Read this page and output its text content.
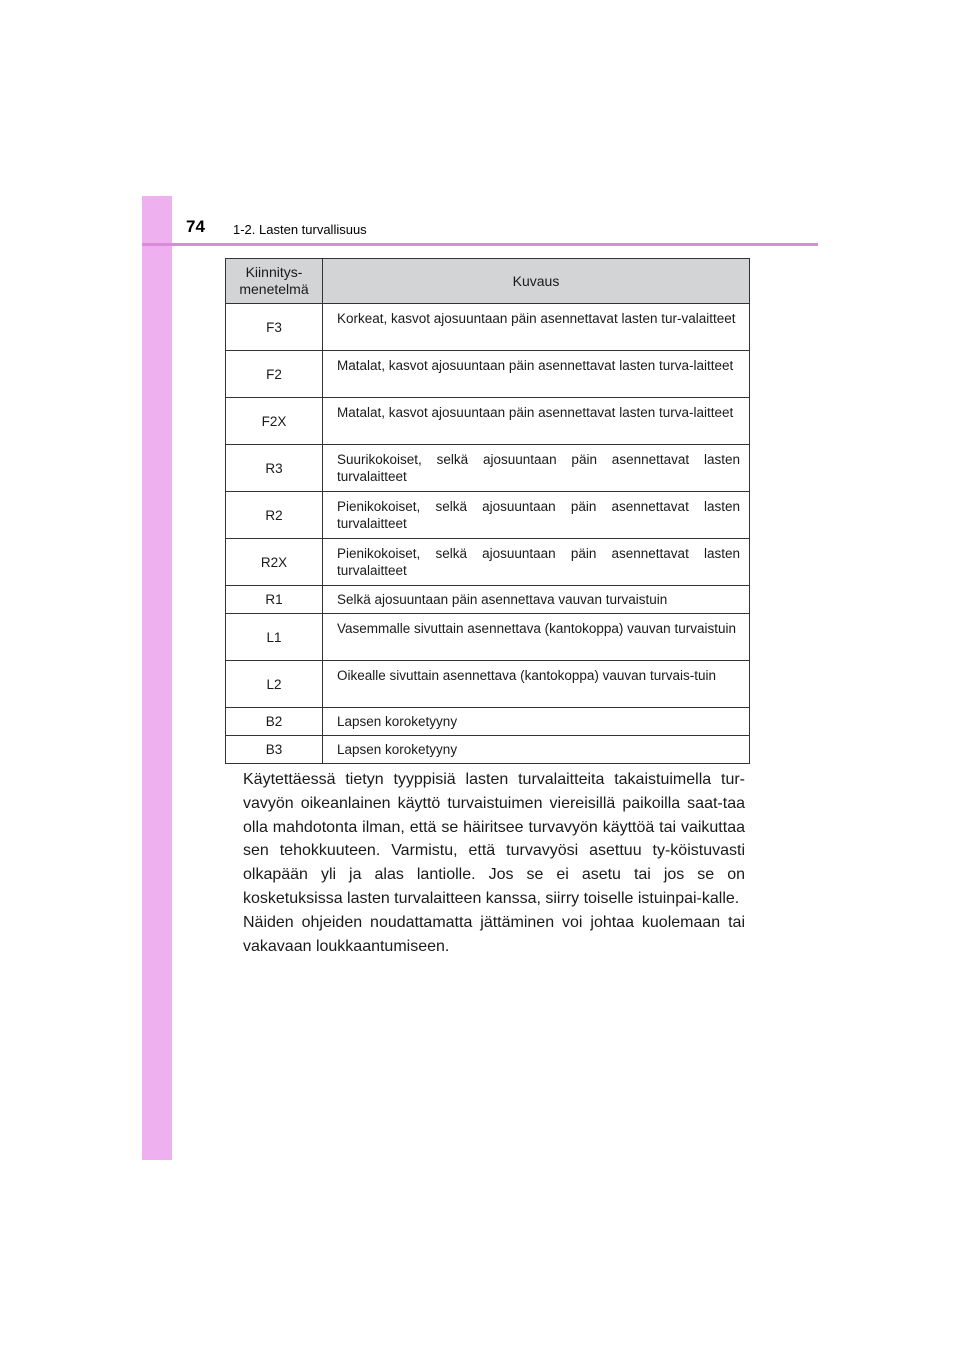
74 1-2. Lasten turvallisuus
Kiinnitys-
menetelmä	Kuvaus
F3	Korkeat, kasvot ajosuuntaan päin asennettavat lasten tur-valaitteet
F2	Matalat, kasvot ajosuuntaan päin asennettavat lasten turva-laitteet
F2X	Matalat, kasvot ajosuuntaan päin asennettavat lasten turva-laitteet
R3	Suurikokoiset, selkä ajosuuntaan päin asennettavat lasten turvalaitteet
R2	Pienikokoiset, selkä ajosuuntaan päin asennettavat lasten turvalaitteet
R2X	Pienikokoiset, selkä ajosuuntaan päin asennettavat lasten turvalaitteet
R1	Selkä ajosuuntaan päin asennettava vauvan turvaistuin
L1	Vasemmalle sivuttain asennettava (kantokoppa) vauvan turvaistuin
L2	Oikealle sivuttain asennettava (kantokoppa) vauvan turvais-tuin
B2	Lapsen koroketyyny
B3	Lapsen koroketyyny

Käytettäessä tietyn tyyppisiä lasten turvalaitteita takaistuimella tur-vavyön oikeanlainen käyttö turvaistuimen viereisillä paikoilla saat-taa olla mahdotonta ilman, että se häiritsee turvavyön käyttöä tai vaikuttaa sen tehokkuuteen. Varmistu, että turvavyösi asettuu ty-köistuvasti olkapään yli ja alas lantiolle. Jos se ei asetu tai jos se on kosketuksissa lasten turvalaitteen kanssa, siirry toiselle istuinpai-kalle.

Näiden ohjeiden noudattamatta jättäminen voi johtaa kuolemaan tai vakavaan loukkaantumiseen.
